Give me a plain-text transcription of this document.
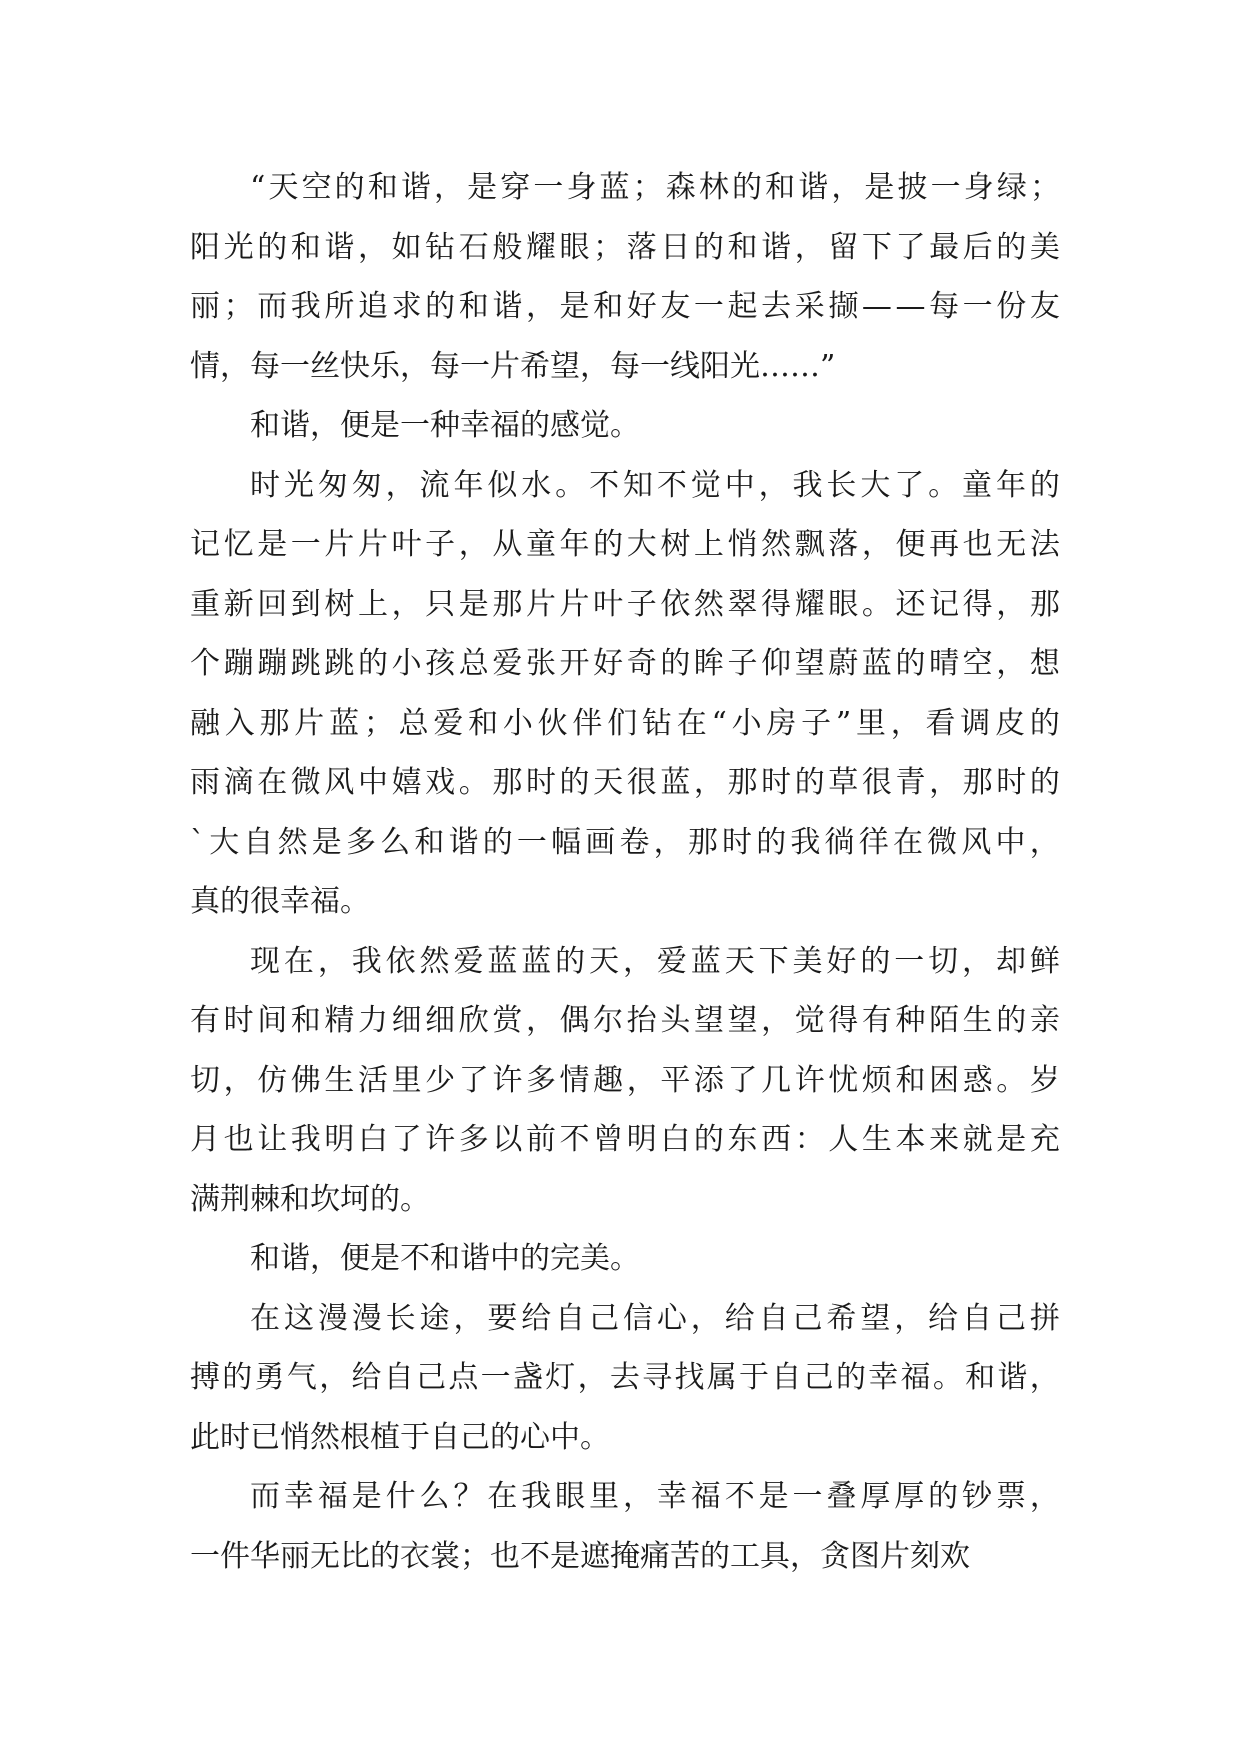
“ 天 空 的 和 谐 ， 是 穿 一 身 蓝 ； 森 林 的 和 谐 ， 是 披 一 身 绿 ；
阳 光 的 和 谐 ， 如 钻 石 般 耀 眼 ； 落 日 的 和 谐 ， 留 下 了 最 后 的 美
丽 ； 而 我 所 追 求 的 和 谐 ， 是 和 好 友 一 起 去 采 撷 — — 每 一 份 友
情，每一丝快乐，每一片希望，每一线阳光……”
和谐，便是一种幸福的感觉。
时 光 匆 匆 ， 流 年 似 水 。 不 知 不 觉 中 ， 我 长 大 了 。 童 年 的
记 忆 是 一 片 片 叶 子 ， 从 童 年 的 大 树 上 悄 然 飘 落 ， 便 再 也 无 法
重 新 回 到 树 上 ， 只 是 那 片 片 叶 子 依 然 翠 得 耀 眼 。 还 记 得 ， 那
个 蹦 蹦 跳 跳 的 小 孩 总 爱 张 开 好 奇 的 眸 子 仰 望 蔚 蓝 的 晴 空 ， 想
融 入 那 片 蓝 ； 总 爱 和 小 伙 伴 们 钻 在 “ 小 房 子 ” 里 ， 看 调 皮 的
雨 滴 在 微 风 中 嬉 戏 。 那 时 的 天 很 蓝 ， 那 时 的 草 很 青 ， 那 时 的
` 大 自 然 是 多 么 和 谐 的 一 幅 画 卷 ， 那 时 的 我 徜 徉 在 微 风 中 ，
真的很幸福。
现 在 ， 我 依 然 爱 蓝 蓝 的 天 ， 爱 蓝 天 下 美 好 的 一 切 ， 却 鲜
有 时 间 和 精 力 细 细 欣 赏 ， 偶 尔 抬 头 望 望 ， 觉 得 有 种 陌 生 的 亲
切 ， 仿 佛 生 活 里 少 了 许 多 情 趣 ， 平 添 了 几 许 忧 烦 和 困 惑 。 岁
月 也 让 我 明 白 了 许 多 以 前 不 曾 明 白 的 东 西 ： 人 生 本 来 就 是 充
满荆棘和坎坷的。
和谐，便是不和谐中的完美。
在 这 漫 漫 长 途 ， 要 给 自 己 信 心 ， 给 自 己 希 望 ， 给 自 己 拼
搏 的 勇 气 ， 给 自 己 点 一 盏 灯 ， 去 寻 找 属 于 自 己 的 幸 福 。 和 谐 ，
此时已悄然根植于自己的心中。
而 幸 福 是 什 么 ？ 在 我 眼 里 ， 幸 福 不 是 一 叠 厚 厚 的 钞 票 ，
一件华丽无比的衣裳；也不是遮掩痛苦的工具，贪图片刻欢
